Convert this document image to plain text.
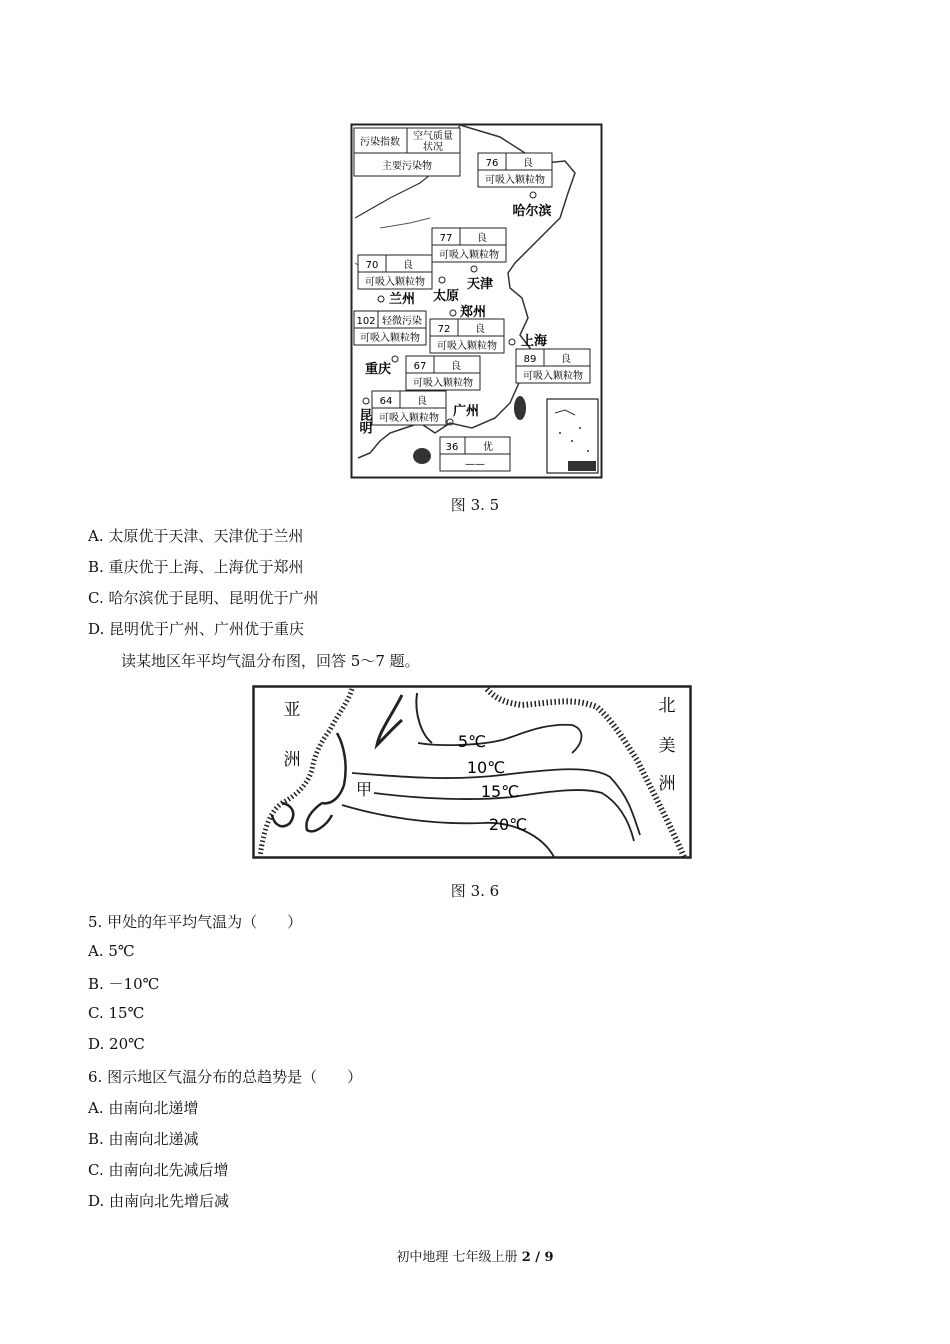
污染指数
空气质量
状况
主要污染物	76 良
可吸入颗粒物
哈尔滨
77 良
可吸入颗粒物
天津
70 良
可吸入颗粒物
太原
102 轻微污染
可吸入颗粒物
兰州
72 良
可吸入颗粒物
郑州
89 良
可吸入颗粒物
上海
67 良
可吸入颗粒物
重庆
64 良
可吸入颗粒物
昆明
36 优
——
广州
图 3. 5
A. 太原优于天津、天津优于兰州
B. 重庆优于上海、上海优于郑州
C. 哈尔滨优于昆明、昆明优于广州
D. 昆明优于广州、广州优于重庆
读某地区年平均气温分布图，回答 5～7 题。
亚
洲
北
美
洲
甲
5℃
10℃
15℃
20℃
图 3. 6
5. 甲处的年平均气温为（　　）
A. 5℃
B. －10℃
C. 15℃
D. 20℃
6. 图示地区气温分布的总趋势是（　　）
A. 由南向北递增
B. 由南向北递减
C. 由南向北先减后增
D. 由南向北先增后减
初中地理 七年级上册 2 / 9
